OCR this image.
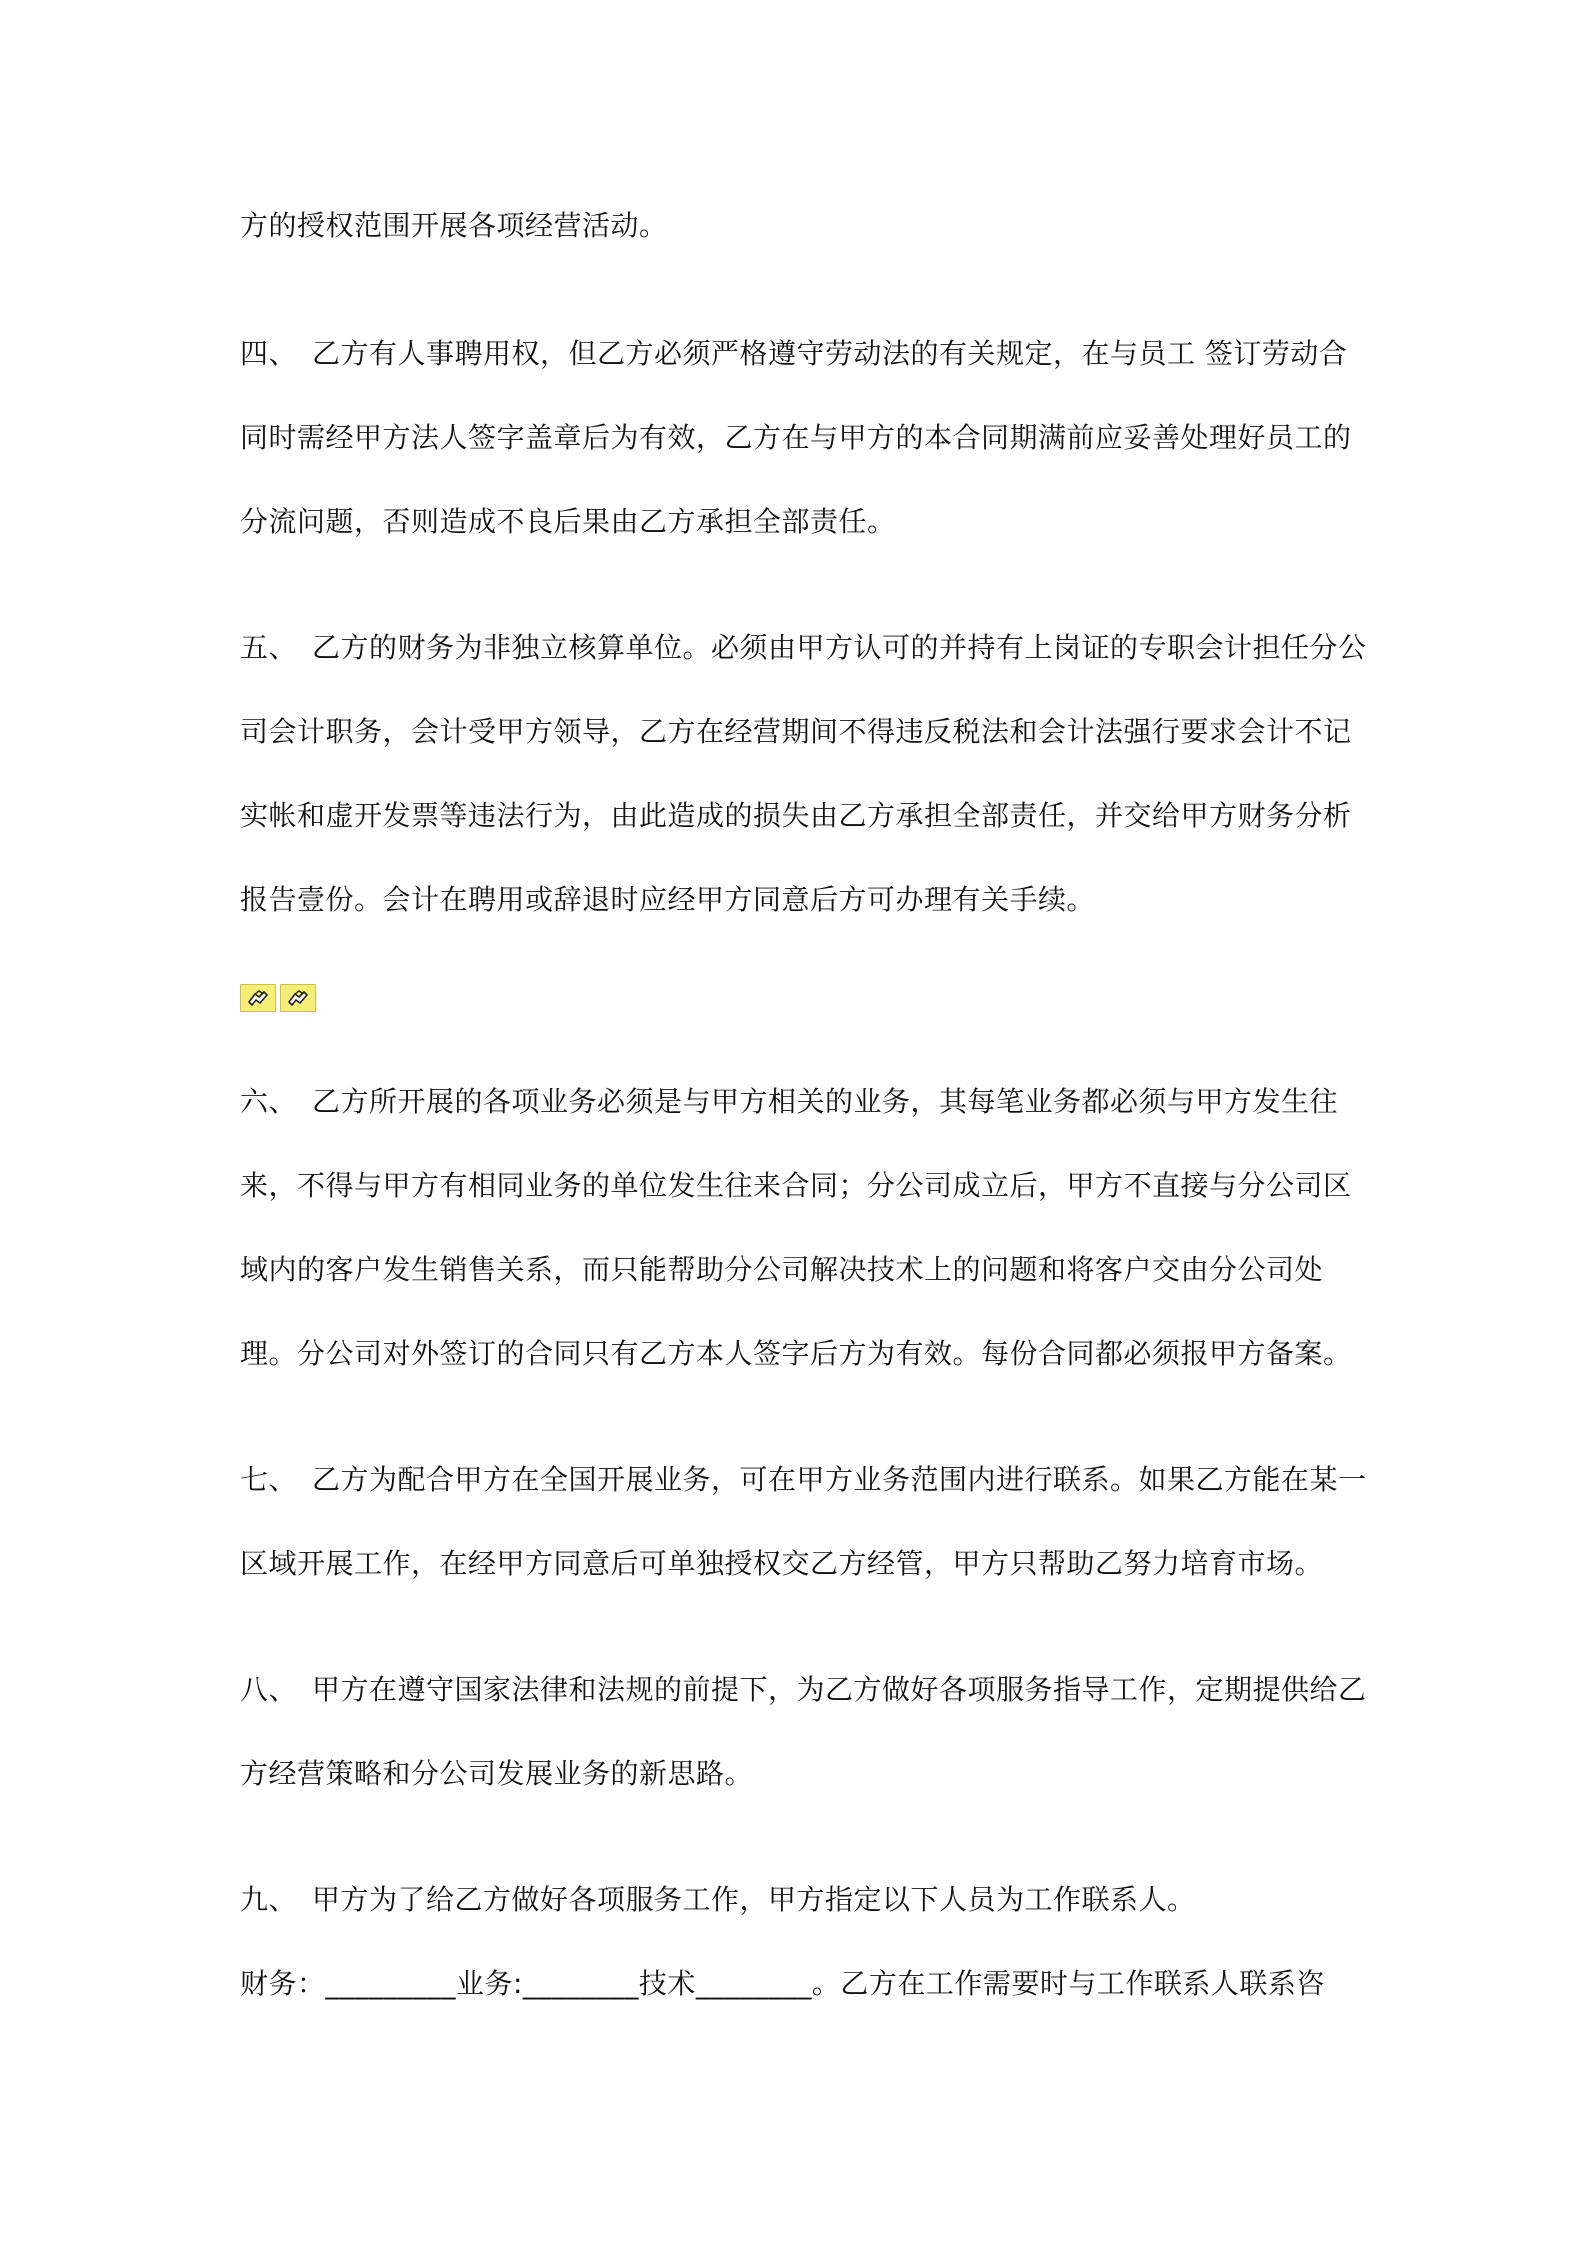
方的授权范围开展各项经营活动。
四、 乙方有人事聘用权，但乙方必须严格遵守劳动法的有关规定，在与员工 签订劳动合
同时需经甲方法人签字盖章后为有效，乙方在与甲方的本合同期满前应妥善处理好员工的
分流问题，否则造成不良后果由乙方承担全部责任。
五、 乙方的财务为非独立核算单位。必须由甲方认可的并持有上岗证的专职会计担任分公
司会计职务，会计受甲方领导，乙方在经营期间不得违反税法和会计法强行要求会计不记
实帐和虚开发票等违法行为，由此造成的损失由乙方承担全部责任，并交给甲方财务分析
报告壹份。会计在聘用或辞退时应经甲方同意后方可办理有关手续。
六、 乙方所开展的各项业务必须是与甲方相关的业务，其每笔业务都必须与甲方发生往
来，不得与甲方有相同业务的单位发生往来合同；分公司成立后，甲方不直接与分公司区
域内的客户发生销售关系，而只能帮助分公司解决技术上的问题和将客户交由分公司处
理。分公司对外签订的合同只有乙方本人签字后方为有效。每份合同都必须报甲方备案。
七、 乙方为配合甲方在全国开展业务，可在甲方业务范围内进行联系。如果乙方能在某一
区域开展工作，在经甲方同意后可单独授权交乙方经管，甲方只帮助乙努力培育市场。
八、 甲方在遵守国家法律和法规的前提下，为乙方做好各项服务指导工作，定期提供给乙
方经营策略和分公司发展业务的新思路。
九、 甲方为了给乙方做好各项服务工作，甲方指定以下人员为工作联系人。
财务：_________业务:________技术________。乙方在工作需要时与工作联系人联系咨
